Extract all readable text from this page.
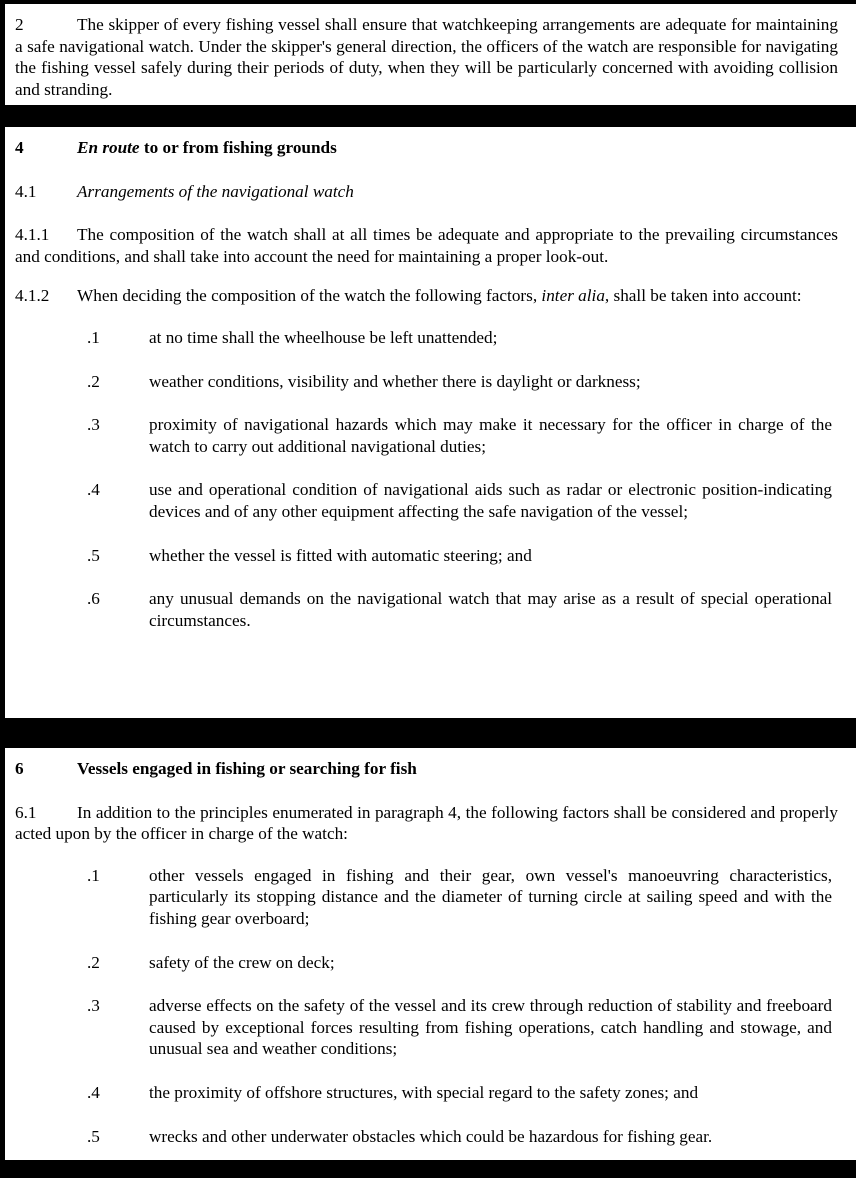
2	The skipper of every fishing vessel shall ensure that watchkeeping arrangements are adequate for maintaining a safe navigational watch. Under the skipper's general direction, the officers of the watch are responsible for navigating the fishing vessel safely during their periods of duty, when they will be particularly concerned with avoiding collision and stranding.

4	En route to or from fishing grounds

4.1	Arrangements of the navigational watch

4.1.1 The composition of the watch shall at all times be adequate and appropriate to the prevailing circumstances and conditions, and shall take into account the need for maintaining a proper look-out.

4.1.2 When deciding the composition of the watch the following factors, inter alia, shall be taken into account:

.1	at no time shall the wheelhouse be left unattended;

.2	weather conditions, visibility and whether there is daylight or darkness;

.3	proximity of navigational hazards which may make it necessary for the officer in charge of the watch to carry out additional navigational duties;

.4	use and operational condition of navigational aids such as radar or electronic position-indicating devices and of any other equipment affecting the safe navigation of the vessel;

.5	whether the vessel is fitted with automatic steering; and

.6	any unusual demands on the navigational watch that may arise as a result of special operational circumstances.

6	Vessels engaged in fishing or searching for fish

6.1 In addition to the principles enumerated in paragraph 4, the following factors shall be considered and properly acted upon by the officer in charge of the watch:

.1	other vessels engaged in fishing and their gear, own vessel's manoeuvring characteristics, particularly its stopping distance and the diameter of turning circle at sailing speed and with the fishing gear overboard;

.2	safety of the crew on deck;

.3	adverse effects on the safety of the vessel and its crew through reduction of stability and freeboard caused by exceptional forces resulting from fishing operations, catch handling and stowage, and unusual sea and weather conditions;

.4	the proximity of offshore structures, with special regard to the safety zones; and

.5	wrecks and other underwater obstacles which could be hazardous for fishing gear.
